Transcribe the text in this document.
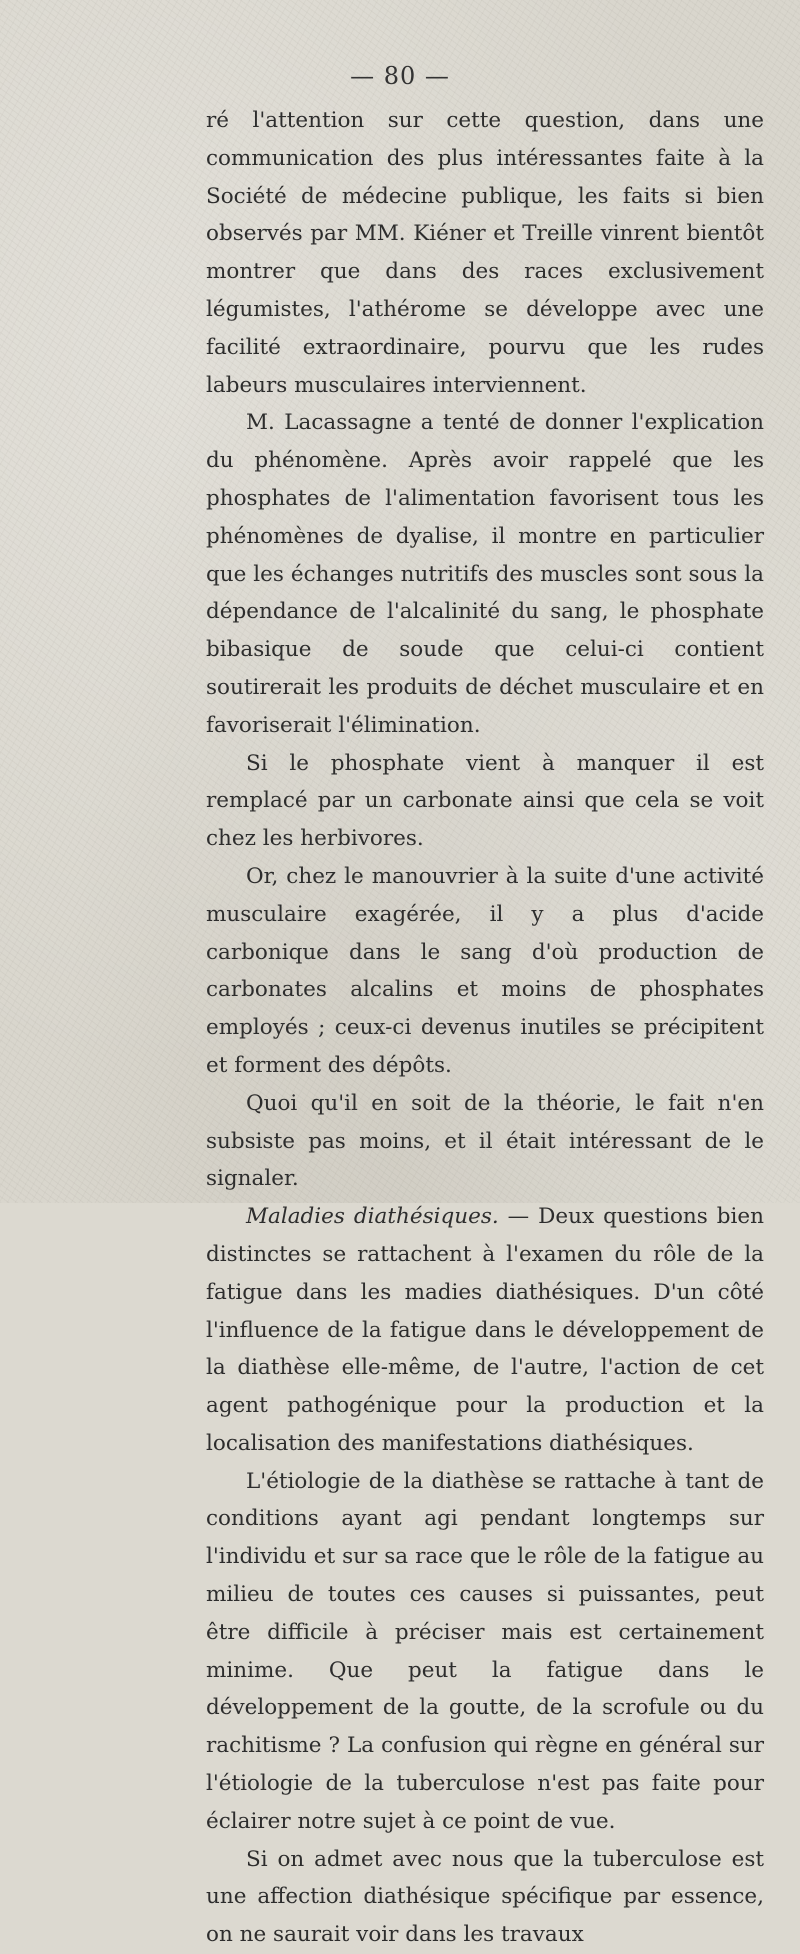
— 80 —

ré l'attention sur cette question, dans une communication des plus intéressantes faite à la Société de médecine publique, les faits si bien observés par MM. Kiéner et Treille vinrent bientôt montrer que dans des races exclusivement légumistes, l'athérome se développe avec une facilité extraordinaire, pourvu que les rudes labeurs musculaires interviennent.

M. Lacassagne a tenté de donner l'explication du phénomène. Après avoir rappelé que les phosphates de l'alimentation favorisent tous les phénomènes de dyalise, il montre en particulier que les échanges nutritifs des muscles sont sous la dépendance de l'alcalinité du sang, le phosphate bibasique de soude que celui-ci contient soutirerait les produits de déchet musculaire et en favoriserait l'élimination.

Si le phosphate vient à manquer il est remplacé par un carbonate ainsi que cela se voit chez les herbivores.

Or, chez le manouvrier à la suite d'une activité musculaire exagérée, il y a plus d'acide carbonique dans le sang d'où production de carbonates alcalins et moins de phosphates employés ; ceux-ci devenus inutiles se précipitent et forment des dépôts.

Quoi qu'il en soit de la théorie, le fait n'en subsiste pas moins, et il était intéressant de le signaler.

Maladies diathésiques. — Deux questions bien distinctes se rattachent à l'examen du rôle de la fatigue dans les madies diathésiques. D'un côté l'influence de la fatigue dans le développement de la diathèse elle-même, de l'autre, l'action de cet agent pathogénique pour la production et la localisation des manifestations diathésiques.

L'étiologie de la diathèse se rattache à tant de conditions ayant agi pendant longtemps sur l'individu et sur sa race que le rôle de la fatigue au milieu de toutes ces causes si puissantes, peut être difficile à préciser mais est certainement minime. Que peut la fatigue dans le développement de la goutte, de la scrofule ou du rachitisme ? La confusion qui règne en général sur l'étiologie de la tuberculose n'est pas faite pour éclairer notre sujet à ce point de vue.

Si on admet avec nous que la tuberculose est une affection diathésique spécifique par essence, on ne saurait voir dans les travaux
